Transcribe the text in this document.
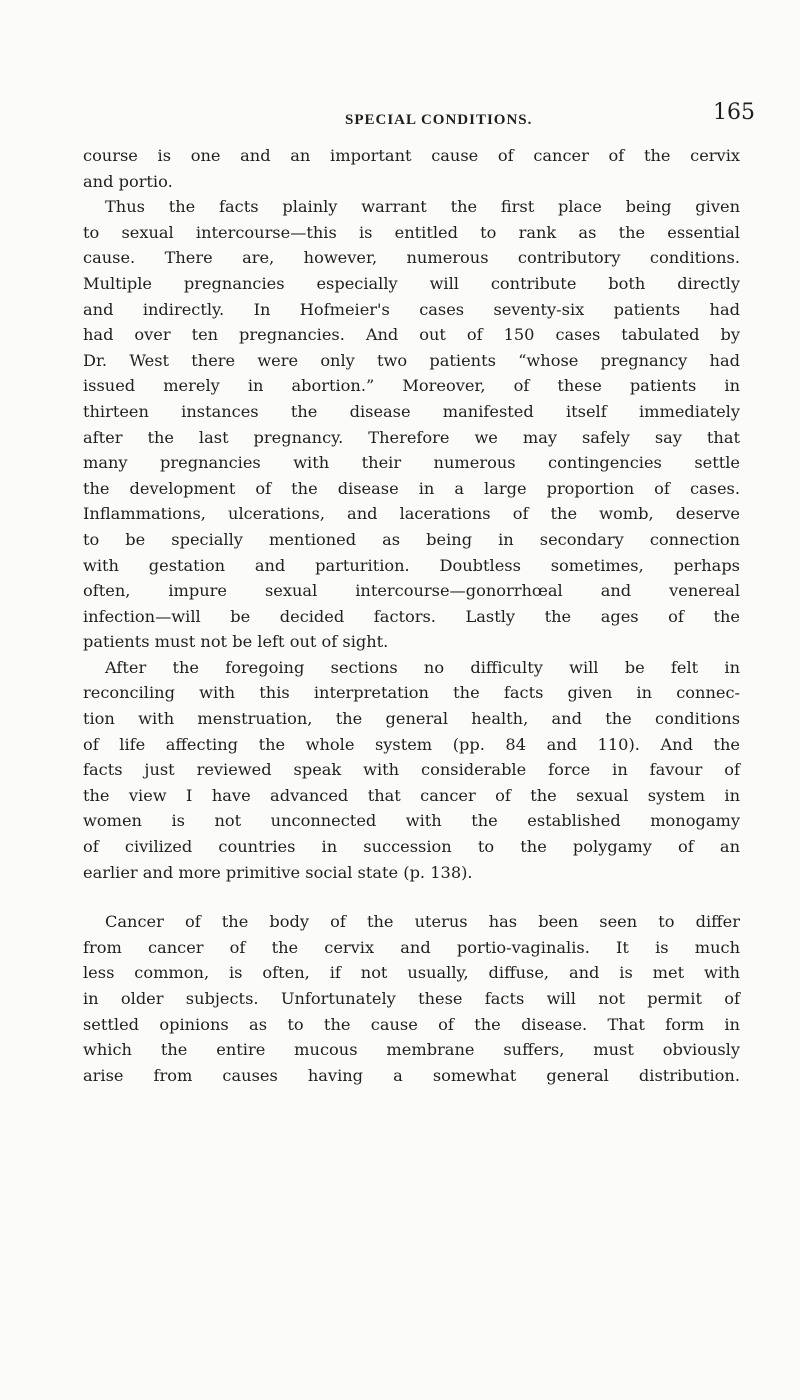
SPECIAL CONDITIONS.	165
course is one and an important cause of cancer of the cervix
and portio.
Thus the facts plainly warrant the first place being given
to sexual intercourse—this is entitled to rank as the essential
cause. There are, however, numerous contributory conditions.
Multiple pregnancies especially will contribute both directly
and indirectly. In Hofmeier's cases seventy-six patients had
had over ten pregnancies. And out of 150 cases tabulated by
Dr. West there were only two patients “whose pregnancy had
issued merely in abortion.” Moreover, of these patients in
thirteen instances the disease manifested itself immediately
after the last pregnancy. Therefore we may safely say that
many pregnancies with their numerous contingencies settle
the development of the disease in a large proportion of cases.
Inflammations, ulcerations, and lacerations of the womb, deserve
to be specially mentioned as being in secondary connection
with gestation and parturition. Doubtless sometimes, perhaps
often, impure sexual intercourse—gonorrhœal and venereal
infection—will be decided factors. Lastly the ages of the
patients must not be left out of sight.
After the foregoing sections no difficulty will be felt in
reconciling with this interpretation the facts given in connec-
tion with menstruation, the general health, and the conditions
of life affecting the whole system (pp. 84 and 110). And the
facts just reviewed speak with considerable force in favour of
the view I have advanced that cancer of the sexual system in
women is not unconnected with the established monogamy
of civilized countries in succession to the polygamy of an
earlier and more primitive social state (p. 138).
Cancer of the body of the uterus has been seen to differ
from cancer of the cervix and portio-vaginalis. It is much
less common, is often, if not usually, diffuse, and is met with
in older subjects. Unfortunately these facts will not permit of
settled opinions as to the cause of the disease. That form in
which the entire mucous membrane suffers, must obviously
arise from causes having a somewhat general distribution.
